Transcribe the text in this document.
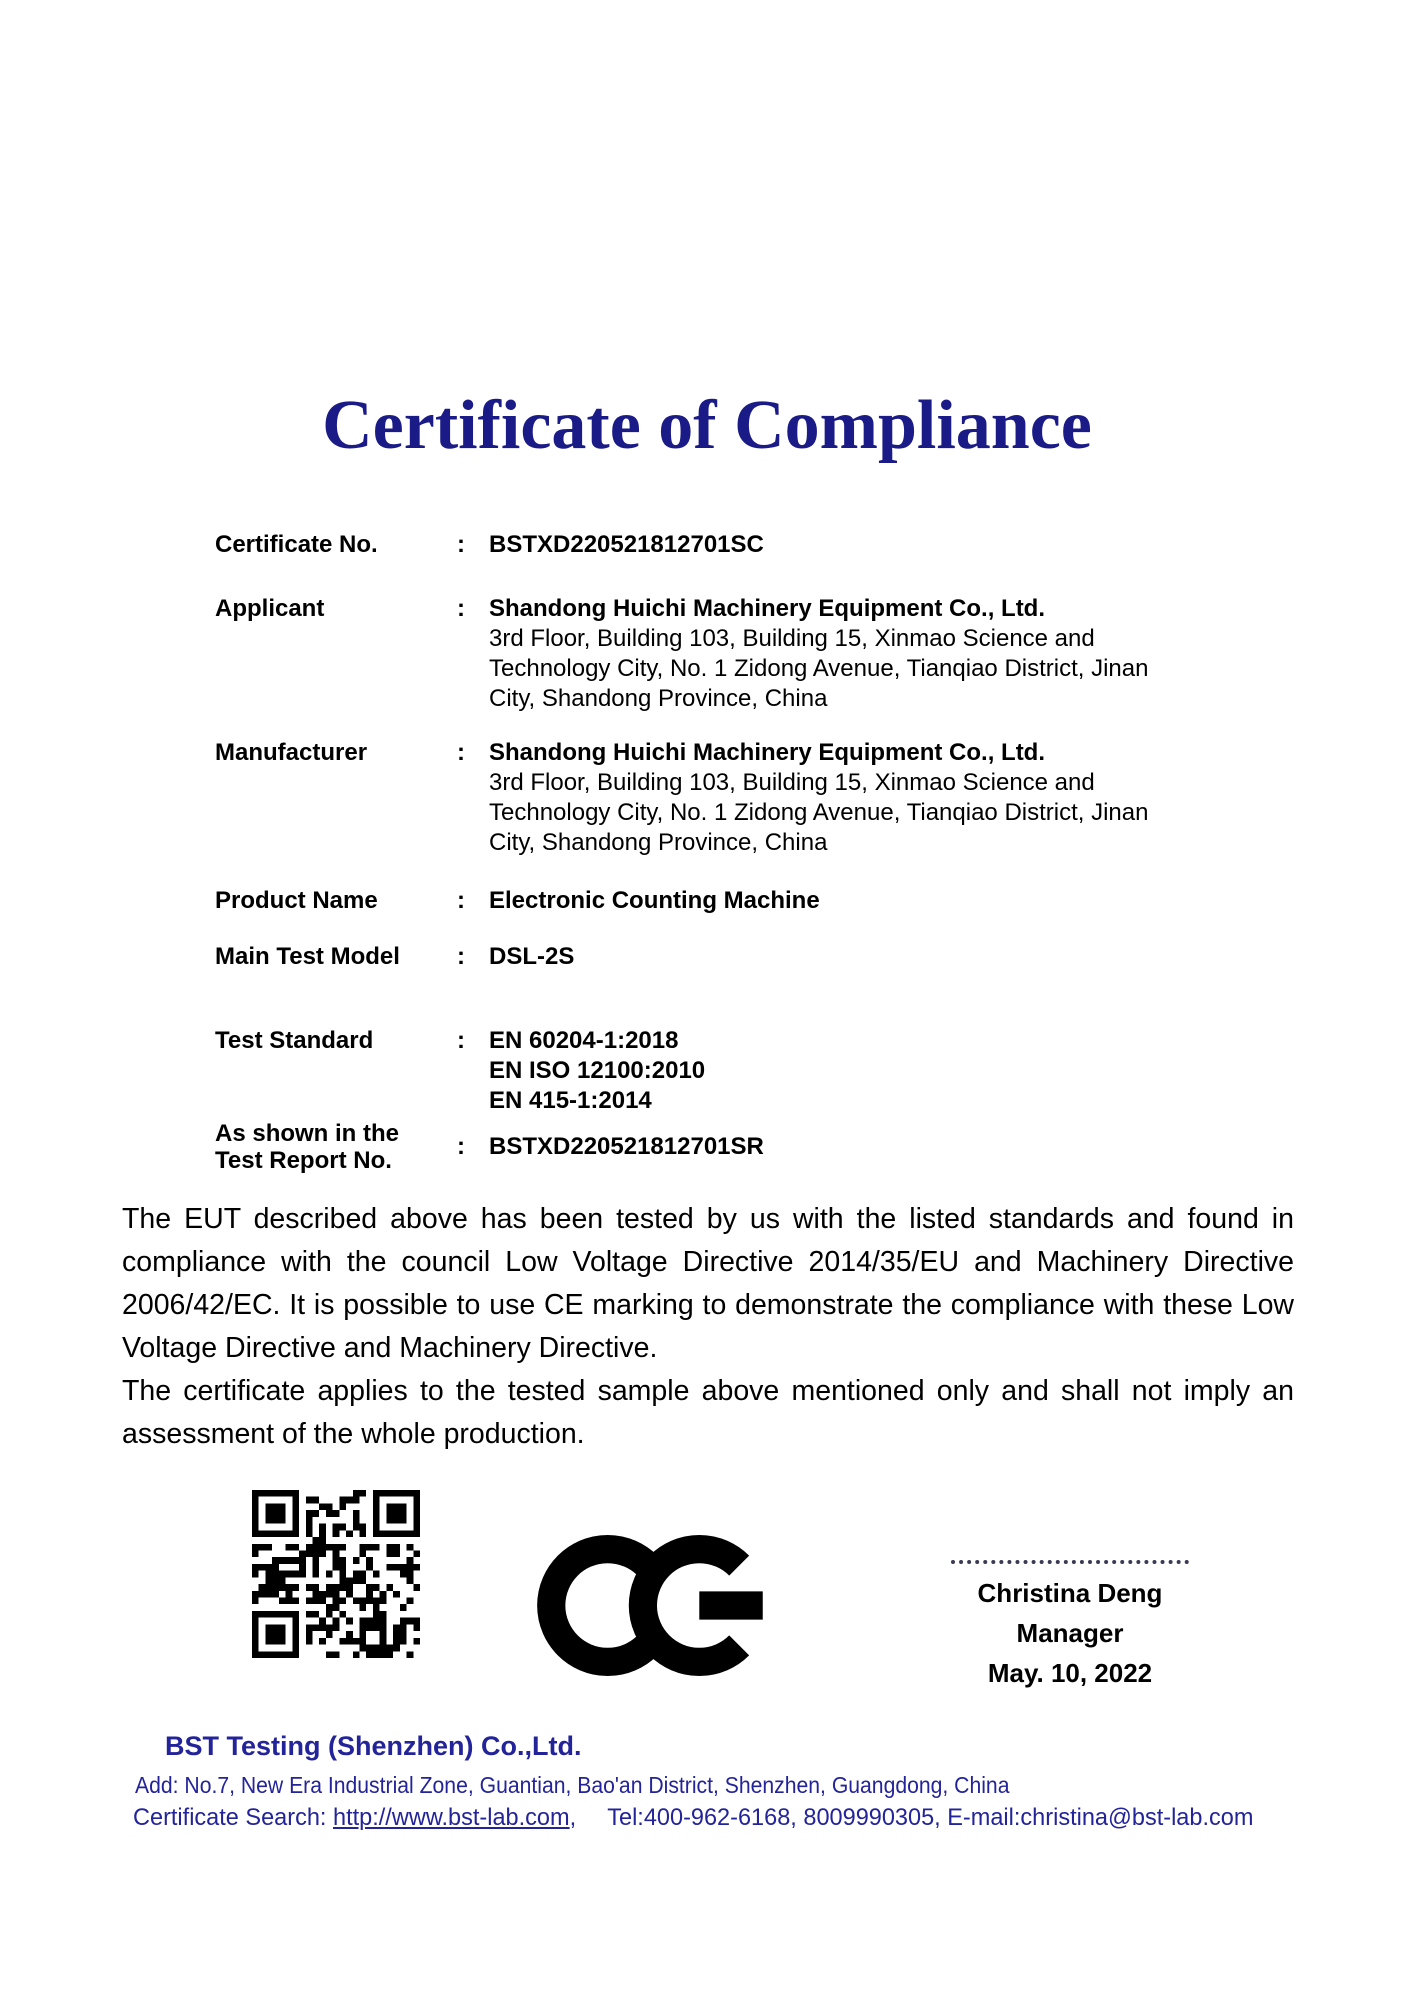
Certificate of Compliance
Certificate No.	:	BSTXD220521812701SC
Applicant	:	Shandong Huichi Machinery Equipment Co., Ltd.
3rd Floor, Building 103, Building 15, Xinmao Science and
Technology City, No. 1 Zidong Avenue, Tianqiao District, Jinan
City, Shandong Province, China
Manufacturer	:	Shandong Huichi Machinery Equipment Co., Ltd.
3rd Floor, Building 103, Building 15, Xinmao Science and
Technology City, No. 1 Zidong Avenue, Tianqiao District, Jinan
City, Shandong Province, China
Product Name	:	Electronic Counting Machine
Main Test Model	:	DSL-2S
Test Standard	:	EN 60204-1:2018
EN ISO 12100:2010
EN 415-1:2014
As shown in the
Test Report No.
:	BSTXD220521812701SR

The EUT described above has been tested by us with the listed standards and found in compliance with the council Low Voltage Directive 2014/35/EU and Machinery Directive 2006/42/EC. It is possible to use CE marking to demonstrate the compliance with these Low Voltage Directive and Machinery Directive.

The certificate applies to the tested sample above mentioned only and shall not imply an assessment of the whole production.

Christina Deng
Manager
May. 10, 2022
BST Testing (Shenzhen) Co.,Ltd.
Add: No.7, New Era Industrial Zone, Guantian, Bao'an District, Shenzhen, Guangdong, China
Certificate Search: http://www.bst-lab.com, Tel:400-962-6168, 8009990305, E-mail:christina@bst-lab.com
